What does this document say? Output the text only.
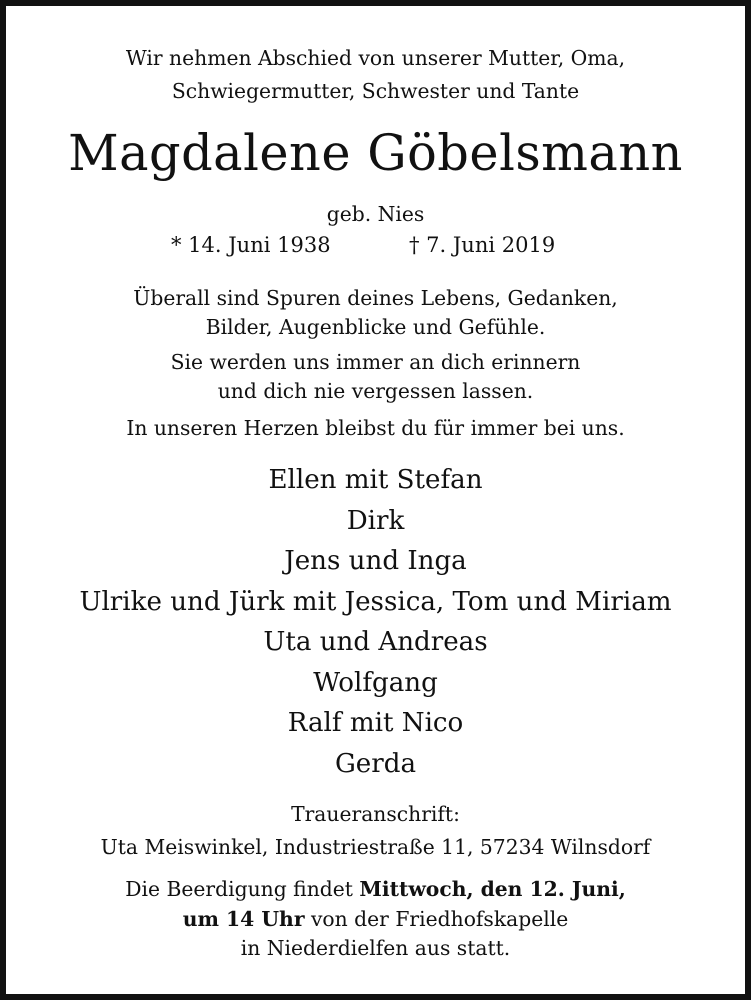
Wir nehmen Abschied von unserer Mutter, Oma,
Schwiegermutter, Schwester und Tante
Magdalene Göbelsmann
geb. Nies
* 14. Juni 1938	† 7. Juni 2019
Überall sind Spuren deines Lebens, Gedanken,
Bilder, Augenblicke und Gefühle.
Sie werden uns immer an dich erinnern
und dich nie vergessen lassen.
In unseren Herzen bleibst du für immer bei uns.
Ellen mit Stefan
Dirk
Jens und Inga
Ulrike und Jürk mit Jessica, Tom und Miriam
Uta und Andreas
Wolfgang
Ralf mit Nico
Gerda
Traueranschrift:
Uta Meiswinkel, Industriestraße 11, 57234 Wilnsdorf
Die Beerdigung findet Mittwoch, den 12. Juni,
um 14 Uhr von der Friedhofskapelle
in Niederdielfen aus statt.
